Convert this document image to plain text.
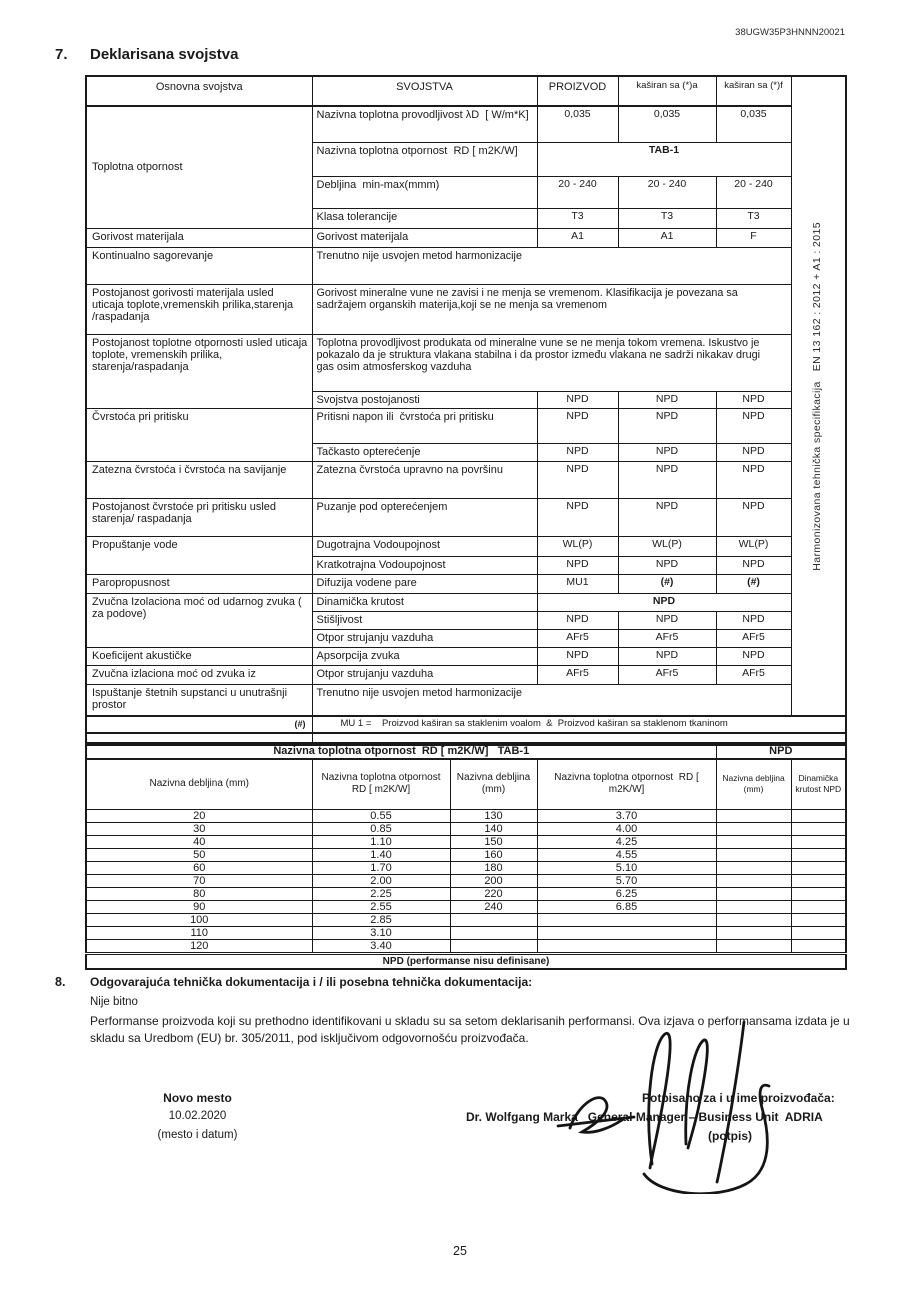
38UGW35P3HNNN20021
7. Deklarisana svojstva
Osnovna svojstva	SVOJSTVA	PROIZVOD	kaširan sa (*)a	kaširan sa (*)f	Harmonizovana tehnička specifikacija   EN 13 162 : 2012 + A1 : 2015

Toplotna otpornost	Nazivna toplotna provodljivost λD  [ W/m*K]	0,035	0,035	0,035	
	Nazivna toplotna otpornost  RD [ m2K/W]	TAB-1			
	Debljina  min-max(mmm)	20 - 240	20 - 240	20 - 240	
	Klasa tolerancije	T3	T3	T3	
Gorivost materijala	Gorivost materijala	A1	A1	F	
Kontinualno sagorevanje	Trenutno nije usvojen metod harmonizacije				
Postojanost gorivosti materijala usled uticaja toplote,vremenskih prilika,starenja /raspadanja	Gorivost mineralne vune ne zavisi i ne menja se vremenom. Klasifikacija je povezana sa sadržajem organskih materija,koji se ne menja sa vremenom				
Postojanost toplotne otpornosti usled uticaja toplote, vremenskih prilika, starenja/raspadanja	Toplotna provodljivost produkata od mineralne vune se ne menja tokom vremena. Iskustvo je pokazalo da je struktura vlakana stabilna i da prostor između vlakana ne sadrži nikakav drugi gas osim atmosferskog vazduha				
	Svojstva postojanosti	NPD	NPD	NPD	
Čvrstoća pri pritisku	Pritisni napon ili  čvrstoća pri pritisku	NPD	NPD	NPD	
	Tačkasto opterećenje	NPD	NPD	NPD	
Zatezna čvrstoća i čvrstoća na savijanje	Zatezna čvrstoća upravno na površinu	NPD	NPD	NPD	
Postojanost čvrstoće pri pritisku usled starenja/ raspadanja	Puzanje pod opterećenjem	NPD	NPD	NPD	
Propuštanje vode	Dugotrajna Vodoupojnost	WL(P)	WL(P)	WL(P)	
	Kratkotrajna Vodoupojnost	NPD	NPD	NPD	
Paropropusnost	Difuzija vodene pare	MU1	(#)	(#)	
Zvučna Izolaciona moć od udarnog zvuka ( za podove)	Dinamička krutost	NPD			
	Stišljivost	NPD	NPD	NPD	
	Otpor strujanju vazduha	AFr5	AFr5	AFr5	
Koeficijent akustičke	Apsorpcija zvuka	NPD	NPD	NPD	
Zvučna izlaciona moć od zvuka iz	Otpor strujanju vazduha	AFr5	AFr5	AFr5	
Ispuštanje štetnih supstanci u unutrašnji prostor	Trenutno nije usvojen metod harmonizacije				
(#)	MU 1 =    Proizvod kaširan sa staklenim voalom  &  Proizvod kaširan sa staklenom tkaninom				

Nazivna toplotna otpornost  RD [ m2K/W]   TAB-1				NPD	
Nazivna debljina (mm)	Nazivna toplotna otpornost RD [ m2K/W]	Nazivna debljina (mm)	Nazivna toplotna otpornost  RD [ m2K/W]	Nazivna debljina (mm)	Dinamička krutost NPD
20	0.55	130	3.70		
30	0.85	140	4.00		
40	1.10	150	4.25		
50	1.40	160	4.55		
60	1.70	180	5.10		
70	2.00	200	5.70		
80	2.25	220	6.25		
90	2.55	240	6.85		
100	2.85				
110	3.10				
120	3.40				
NPD (performanse nisu definisane)					
8. Odgovarajuća tehnička dokumentacija i / ili posebna tehnička dokumentacija:
Nije bitno
Performanse proizvoda koji su prethodno identifikovani u skladu su sa setom deklarisanih performansi. Ova izjava o performansama izdata je u skladu sa Uredbom (EU) br. 305/2011, pod isključivom odgovornošću proizvođača.
Novo mesto
10.02.2020
(mesto i datum)
Potpisano za i u ime proizvođača:
Dr. Wolfgang Marka   General Manager – Business Unit  ADRIA
(potpis)
25
